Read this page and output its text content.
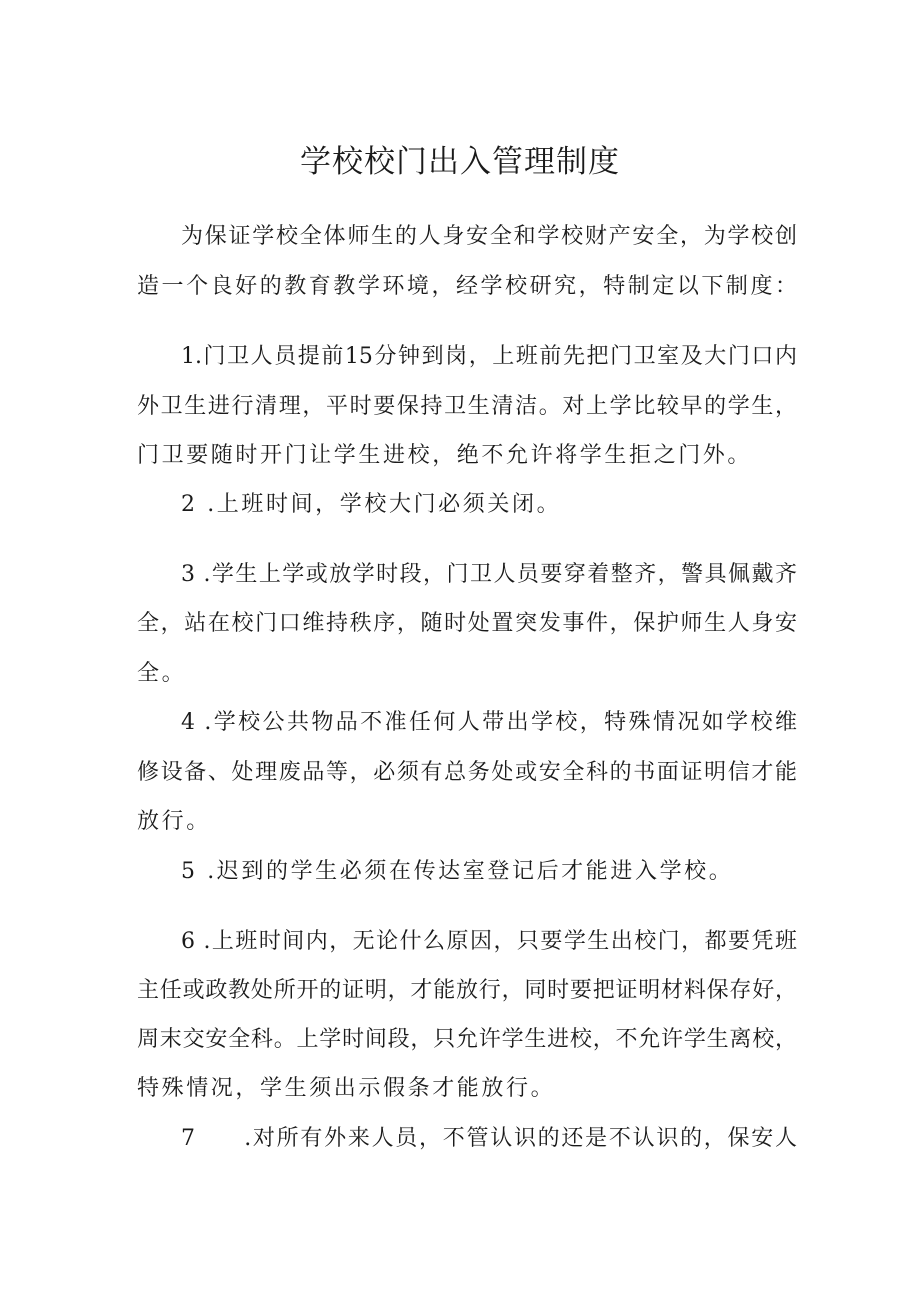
学校校门出入管理制度
为保证学校全体师生的人身安全和学校财产安全，为学校创
造一个良好的教育教学环境，经学校研究，特制定以下制度：
1.门卫人员提前15分钟到岗，上班前先把门卫室及大门口内
外卫生进行清理，平时要保持卫生清洁。对上学比较早的学生，
门卫要随时开门让学生进校，绝不允许将学生拒之门外。
2 .上班时间，学校大门必须关闭。
3 .学生上学或放学时段，门卫人员要穿着整齐，警具佩戴齐
全，站在校门口维持秩序，随时处置突发事件，保护师生人身安
全。
4 .学校公共物品不准任何人带出学校，特殊情况如学校维
修设备、处理废品等，必须有总务处或安全科的书面证明信才能
放行。
5 .迟到的学生必须在传达室登记后才能进入学校。
6 .上班时间内，无论什么原因，只要学生出校门，都要凭班
主任或政教处所开的证明，才能放行，同时要把证明材料保存好，
周末交安全科。上学时间段，只允许学生进校，不允许学生离校，
特殊情况，学生须出示假条才能放行。
7　　.对所有外来人员，不管认识的还是不认识的，保安人
